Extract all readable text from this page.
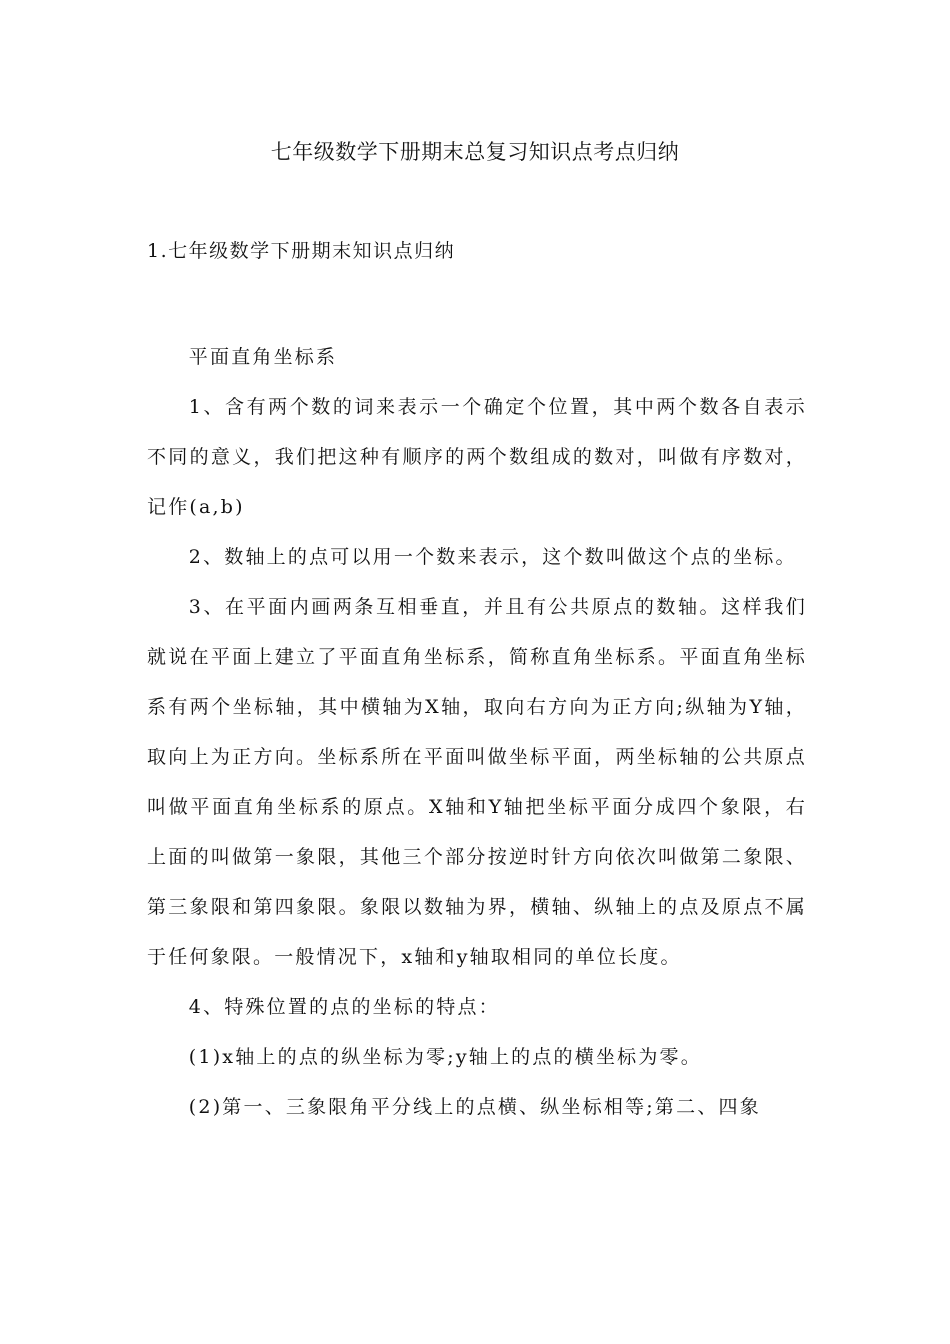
七年级数学下册期末总复习知识点考点归纳
1.七年级数学下册期末知识点归纳

平面直角坐标系

1、含有两个数的词来表示一个确定个位置，其中两个数各自表示不同的意义，我们把这种有顺序的两个数组成的数对，叫做有序数对，记作(a,b)

2、数轴上的点可以用一个数来表示，这个数叫做这个点的坐标。

3、在平面内画两条互相垂直，并且有公共原点的数轴。这样我们就说在平面上建立了平面直角坐标系，简称直角坐标系。平面直角坐标系有两个坐标轴，其中横轴为X轴，取向右方向为正方向;纵轴为Y轴，取向上为正方向。坐标系所在平面叫做坐标平面，两坐标轴的公共原点叫做平面直角坐标系的原点。X轴和Y轴把坐标平面分成四个象限，右上面的叫做第一象限，其他三个部分按逆时针方向依次叫做第二象限、第三象限和第四象限。象限以数轴为界，横轴、纵轴上的点及原点不属于任何象限。一般情况下，x轴和y轴取相同的单位长度。

4、特殊位置的点的坐标的特点：

(1)x轴上的点的纵坐标为零;y轴上的点的横坐标为零。

(2)第一、三象限角平分线上的点横、纵坐标相等;第二、四象
